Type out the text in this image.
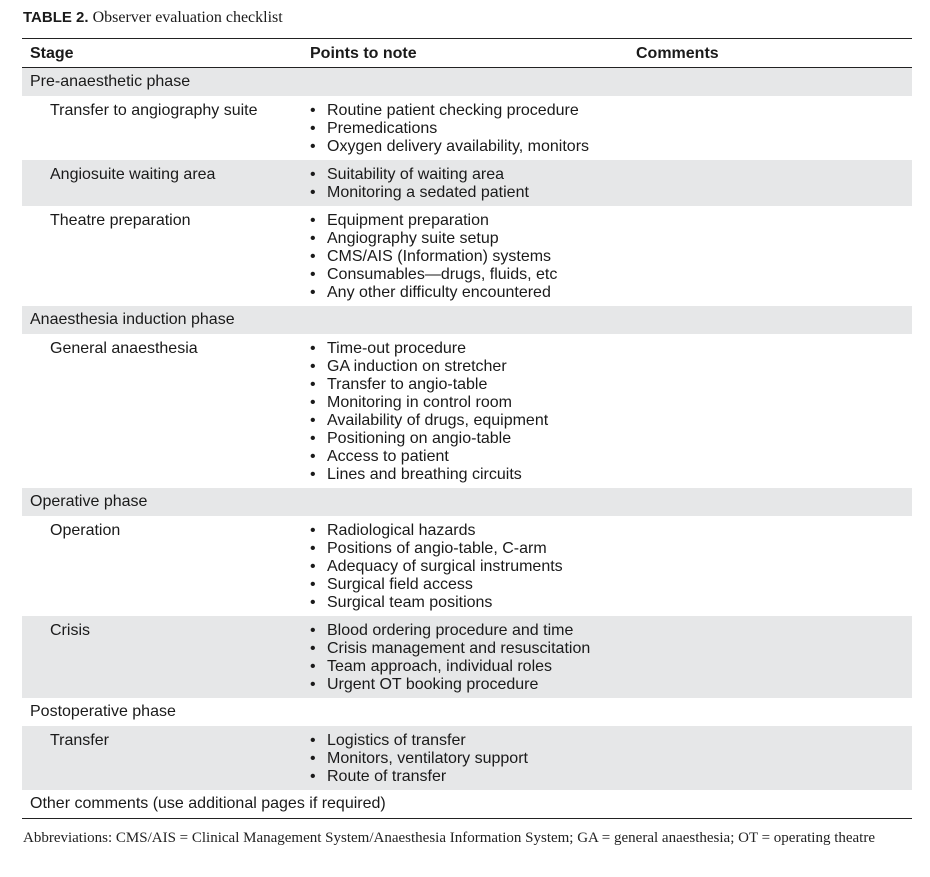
TABLE 2. Observer evaluation checklist
Stage	Points to note	Comments
Pre-anaesthetic phase
Transfer to angiography suite	• Routine patient checking procedure
• Premedications
• Oxygen delivery availability, monitors
Angiosuite waiting area	• Suitability of waiting area
• Monitoring a sedated patient
Theatre preparation	• Equipment preparation
• Angiography suite setup
• CMS/AIS (Information) systems
• Consumables—drugs, fluids, etc
• Any other difficulty encountered
Anaesthesia induction phase
General anaesthesia	• Time-out procedure
• GA induction on stretcher
• Transfer to angio-table
• Monitoring in control room
• Availability of drugs, equipment
• Positioning on angio-table
• Access to patient
• Lines and breathing circuits
Operative phase
Operation	• Radiological hazards
• Positions of angio-table, C-arm
• Adequacy of surgical instruments
• Surgical field access
• Surgical team positions
Crisis	• Blood ordering procedure and time
• Crisis management and resuscitation
• Team approach, individual roles
• Urgent OT booking procedure
Postoperative phase
Transfer	• Logistics of transfer
• Monitors, ventilatory support
• Route of transfer
Other comments (use additional pages if required)
Abbreviations: CMS/AIS = Clinical Management System/Anaesthesia Information System; GA = general anaesthesia; OT = operating theatre
